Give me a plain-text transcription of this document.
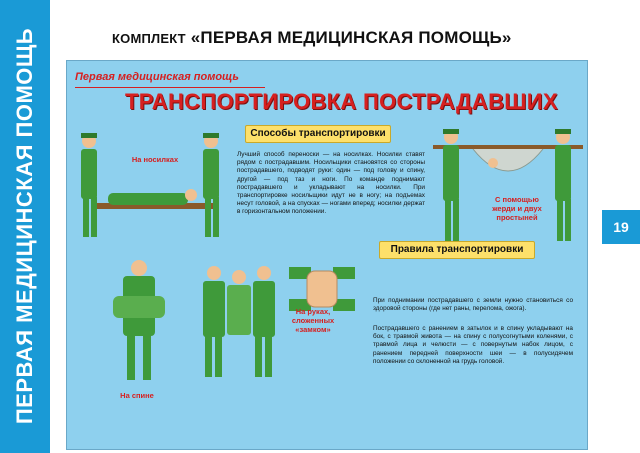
ПЕРВАЯ МЕДИЦИНСКАЯ ПОМОЩЬ	КОМПЛЕКТ «ПЕРВАЯ МЕДИЦИНСКАЯ ПОМОЩЬ»
19
Первая медицинская помощь
ТРАНСПОРТИРОВКА ПОСТРАДАВШИХ
На носилках
Способы транспортировки
Лучший способ переноски — на носилках. Носилки ставят рядом с пострадавшим. Носильщики становятся со стороны пострадавшего, подводят руки: один — под голову и спину, другой — под таз и ноги. По команде поднимают пострадавшего и укладывают на носилки. При транспортировке носильщики идут не в ногу; на подъемах несут головой, а на спусках — ногами вперед; носилки держат в горизонтальном положении.
С помощью жерди и двух простыней
На спине
На руках, сложенных «замком»
Правила транспортировки
При поднимании пострадавшего с земли нужно становиться со здоровой стороны (где нет раны, перелома, ожога).
Пострадавшего с ранением в затылок и в спину укладывают на бок, с травмой живота — на спину с полусогнутыми коленями, с травмой лица и челюсти — с повернутым набок лицом, с ранением передней поверхности шеи — в полусидячем положении со склоненной на грудь головой.
